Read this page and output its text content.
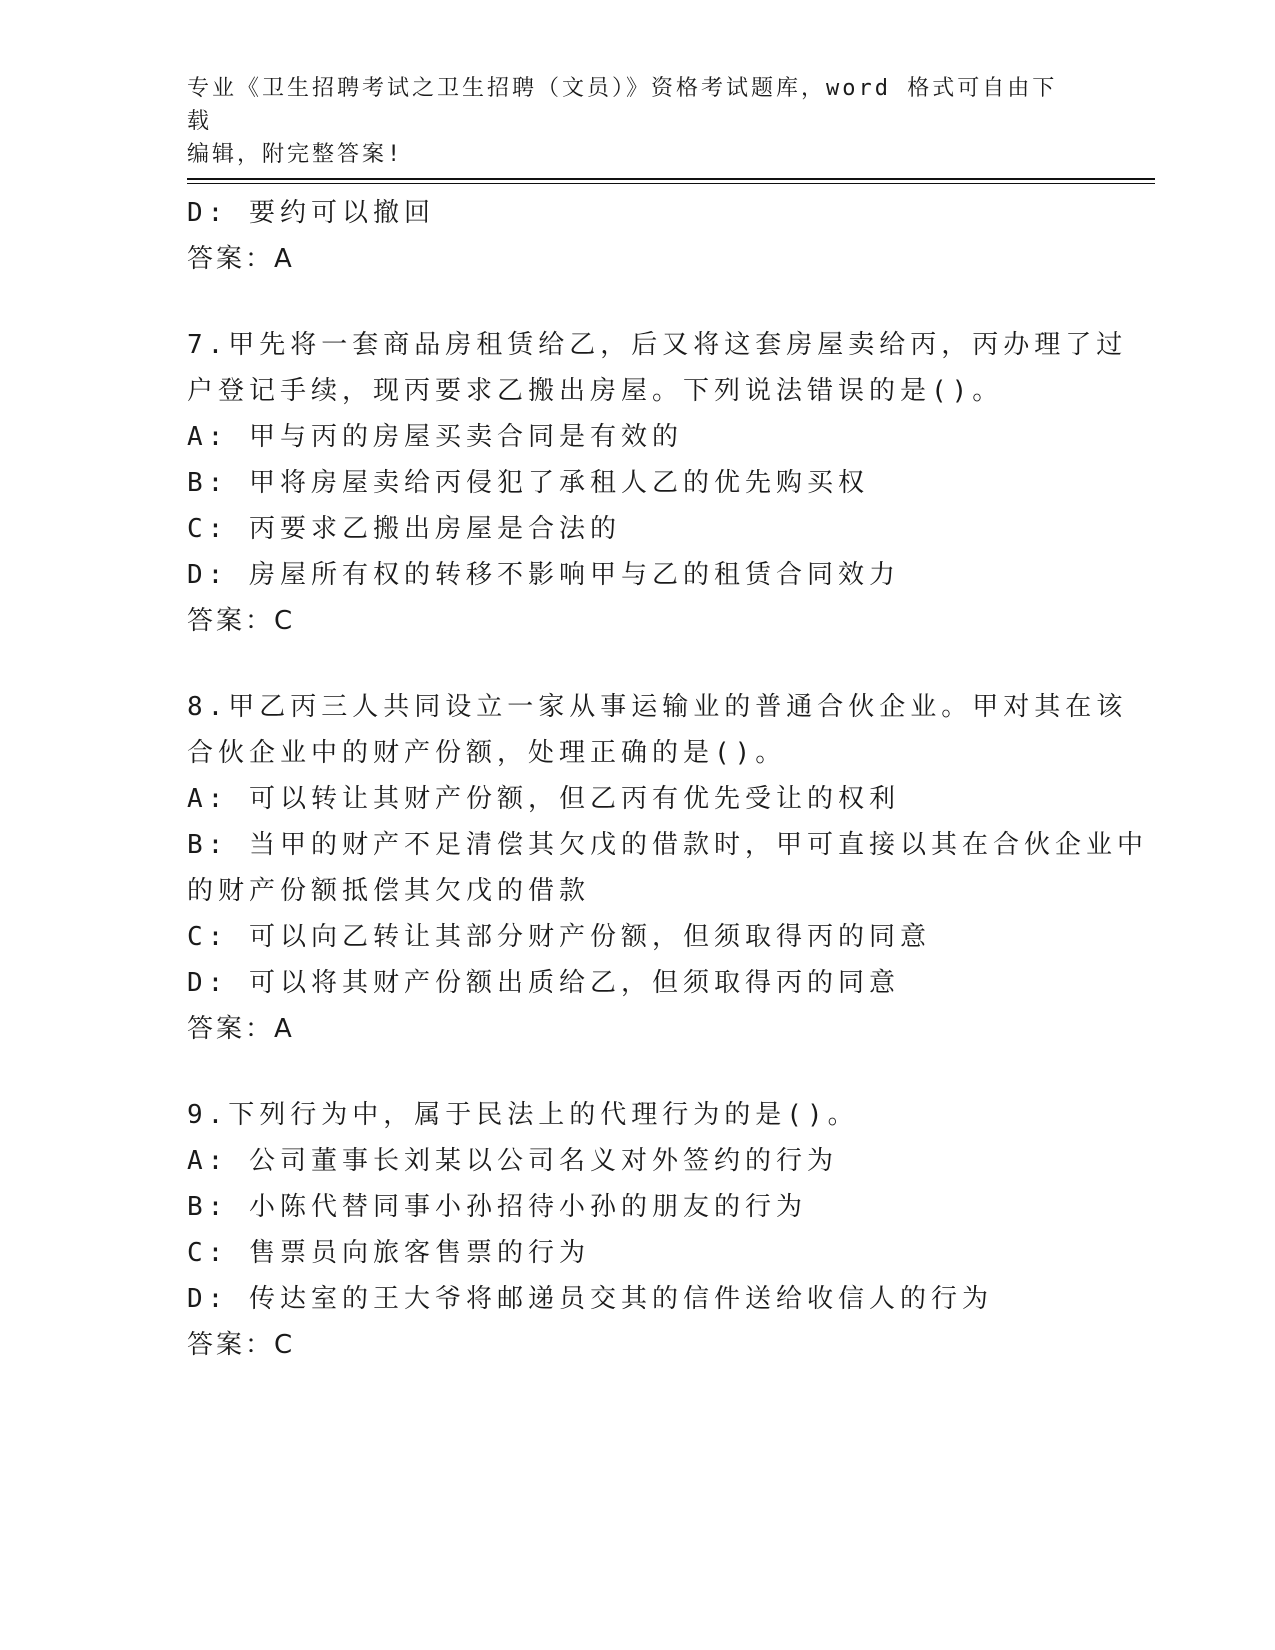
专业《卫生招聘考试之卫生招聘（文员）》资格考试题库，word 格式可自由下载
编辑，附完整答案!
D: 要约可以撤回
答案：A
7.甲先将一套商品房租赁给乙，后又将这套房屋卖给丙，丙办理了过
户登记手续，现丙要求乙搬出房屋。下列说法错误的是()。
A: 甲与丙的房屋买卖合同是有效的
B: 甲将房屋卖给丙侵犯了承租人乙的优先购买权
C: 丙要求乙搬出房屋是合法的
D: 房屋所有权的转移不影响甲与乙的租赁合同效力
答案：C
8.甲乙丙三人共同设立一家从事运输业的普通合伙企业。甲对其在该
合伙企业中的财产份额，处理正确的是()。
A: 可以转让其财产份额，但乙丙有优先受让的权利
B: 当甲的财产不足清偿其欠戊的借款时，甲可直接以其在合伙企业中
的财产份额抵偿其欠戊的借款
C: 可以向乙转让其部分财产份额，但须取得丙的同意
D: 可以将其财产份额出质给乙，但须取得丙的同意
答案：A
9.下列行为中，属于民法上的代理行为的是()。
A: 公司董事长刘某以公司名义对外签约的行为
B: 小陈代替同事小孙招待小孙的朋友的行为
C: 售票员向旅客售票的行为
D: 传达室的王大爷将邮递员交其的信件送给收信人的行为
答案：C
